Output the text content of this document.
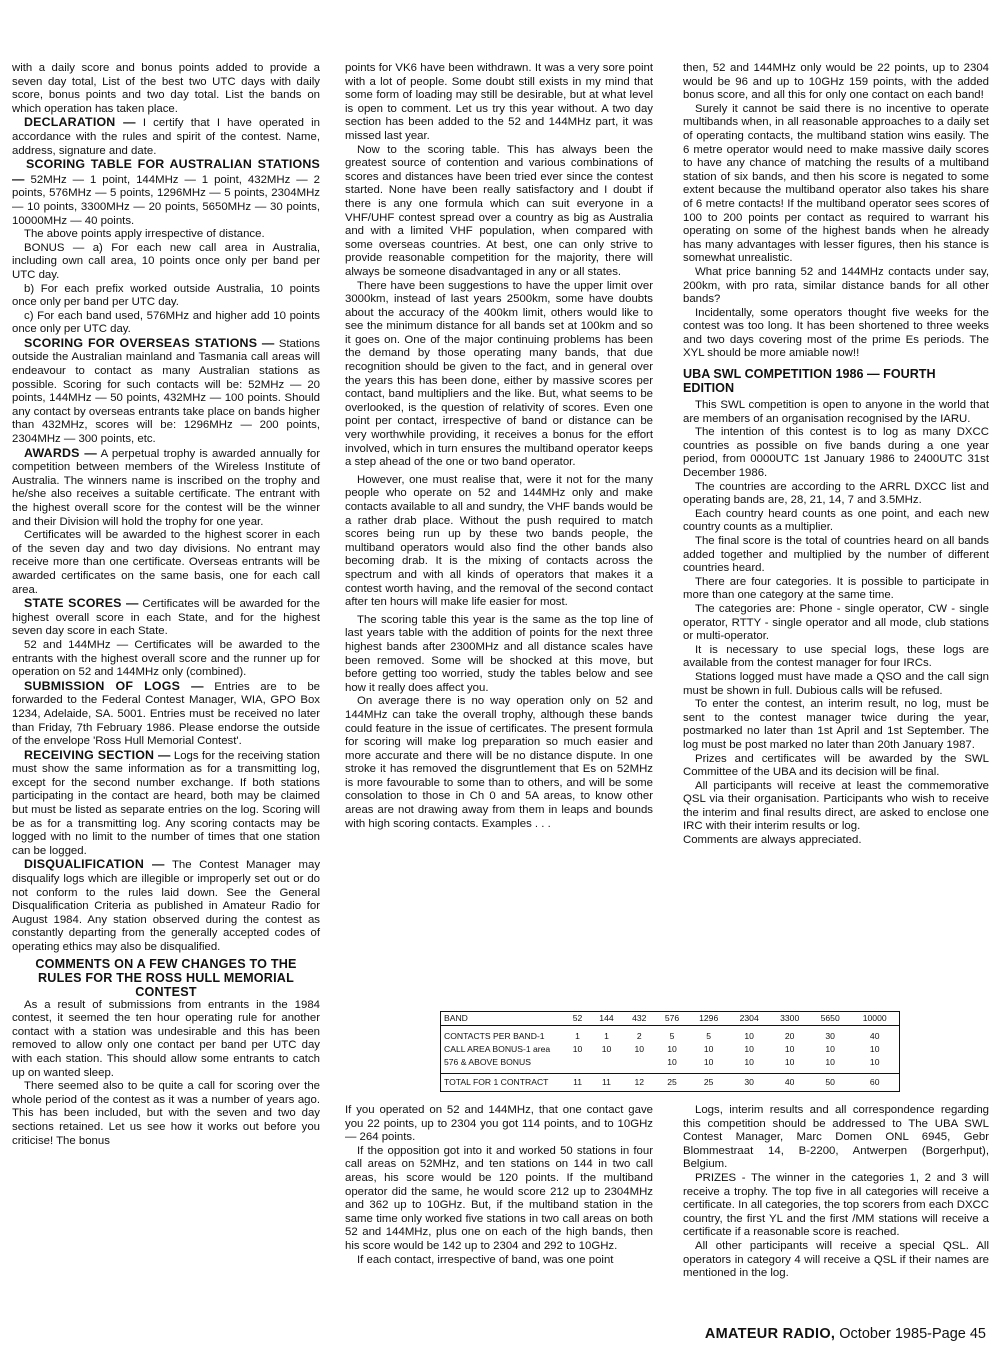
with a daily score and bonus points added to provide a seven day total, List of the best two UTC days with daily score, bonus points and two day total. List the bands on which operation has taken place.

DECLARATION — I certify that I have operated in accordance with the rules and spirit of the contest. Name, address, signature and date.

SCORING TABLE FOR AUSTRALIAN STATIONS — 52MHz — 1 point, 144MHz — 1 point, 432MHz — 2 points, 576MHz — 5 points, 1296MHz — 5 points, 2304MHz — 10 points, 3300MHz — 20 points, 5650MHz — 30 points, 10000MHz — 40 points.

The above points apply irrespective of distance.

BONUS — a) For each new call area in Australia, including own call area, 10 points once only per band per UTC day.

b) For each prefix worked outside Australia, 10 points once only per band per UTC day.

c) For each band used, 576MHz and higher add 10 points once only per UTC day.

SCORING FOR OVERSEAS STATIONS — Stations outside the Australian mainland and Tasmania call areas will endeavour to contact as many Australian stations as possible. Scoring for such contacts will be: 52MHz — 20 points, 144MHz — 50 points, 432MHz — 100 points. Should any contact by overseas entrants take place on bands higher than 432MHz, scores will be: 1296MHz — 200 points, 2304MHz — 300 points, etc.

AWARDS — A perpetual trophy is awarded annually for competition between members of the Wireless Institute of Australia. The winners name is inscribed on the trophy and he/she also receives a suitable certificate. The entrant with the highest overall score for the contest will be the winner and their Division will hold the trophy for one year.

Certificates will be awarded to the highest scorer in each of the seven day and two day divisions. No entrant may receive more than one certificate. Overseas entrants will be awarded certificates on the same basis, one for each call area.

STATE SCORES — Certificates will be awarded for the highest overall score in each State, and for the highest seven day score in each State.

52 and 144MHz — Certificates will be awarded to the entrants with the highest overall score and the runner up for operation on 52 and 144MHz only (combined).

SUBMISSION OF LOGS — Entries are to be forwarded to the Federal Contest Manager, WIA, GPO Box 1234, Adelaide, SA. 5001. Entries must be received no later than Friday, 7th February 1986. Please endorse the outside of the envelope 'Ross Hull Memorial Contest'.

RECEIVING SECTION — Logs for the receiving station must show the same information as for a transmitting log, except for the second number exchange. If both stations participating in the contact are heard, both may be claimed but must be listed as separate entries on the log. Scoring will be as for a transmitting log. Any scoring contacts may be logged with no limit to the number of times that one station can be logged.

DISQUALIFICATION — The Contest Manager may disqualify logs which are illegible or improperly set out or do not conform to the rules laid down. See the General Disqualification Criteria as published in Amateur Radio for August 1984. Any station observed during the contest as constantly departing from the generally accepted codes of operating ethics may also be disqualified.

COMMENTS ON A FEW CHANGES TO THE RULES FOR THE ROSS HULL MEMORIAL CONTEST

As a result of submissions from entrants in the 1984 contest, it seemed the ten hour operating rule for another contact with a station was undesirable and this has been removed to allow only one contact per band per UTC day with each station. This should allow some entrants to catch up on wanted sleep.

There seemed also to be quite a call for scoring over the whole period of the contest as it was a number of years ago. This has been included, but with the seven and two day sections retained. Let us see how it works out before you criticise! The bonus

points for VK6 have been withdrawn. It was a very sore point with a lot of people. Some doubt still exists in my mind that some form of loading may still be desirable, but at what level is open to comment. Let us try this year without. A two day section has been added to the 52 and 144MHz part, it was missed last year.

Now to the scoring table. This has always been the greatest source of contention and various combinations of scores and distances have been tried ever since the contest started. None have been really satisfactory and I doubt if there is any one formula which can suit everyone in a VHF/UHF contest spread over a country as big as Australia and with a limited VHF population, when compared with some overseas countries. At best, one can only strive to provide reasonable competition for the majority, there will always be someone disadvantaged in any or all states.

There have been suggestions to have the upper limit over 3000km, instead of last years 2500km, some have doubts about the accuracy of the 400km limit, others would like to see the minimum distance for all bands set at 100km and so it goes on. One of the major continuing problems has been the demand by those operating many bands, that due recognition should be given to the fact, and in general over the years this has been done, either by massive scores per contact, band multipliers and the like. But, what seems to be overlooked, is the question of relativity of scores. Even one point per contact, irrespective of band or distance can be very worthwhile providing, it receives a bonus for the effort involved, which in turn ensures the multiband operator keeps a step ahead of the one or two band operator.

However, one must realise that, were it not for the many people who operate on 52 and 144MHz only and make contacts available to all and sundry, the VHF bands would be a rather drab place. Without the push required to match scores being run up by these two bands people, the multiband operators would also find the other bands also becoming drab. It is the mixing of contacts across the spectrum and with all kinds of operators that makes it a contest worth having, and the removal of the second contact after ten hours will make life easier for most.

The scoring table this year is the same as the top line of last years table with the addition of points for the next three highest bands after 2300MHz and all distance scales have been removed. Some will be shocked at this move, but before getting too worried, study the tables below and see how it really does affect you.

On average there is no way operation only on 52 and 144MHz can take the overall trophy, although these bands could feature in the issue of certificates. The present formula for scoring will make log preparation so much easier and more accurate and there will be no distance dispute. In one stroke it has removed the disgruntlement that Es on 52MHz is more favourable to some than to others, and will be some consolation to those in Ch 0 and 5A areas, to know other areas are not drawing away from them in leaps and bounds with high scoring contacts. Examples . . .

then, 52 and 144MHz only would be 22 points, up to 2304 would be 96 and up to 10GHz 159 points, with the added bonus score, and all this for only one contact on each band!

Surely it cannot be said there is no incentive to operate multibands when, in all reasonable approaches to a daily set of operating contacts, the multiband station wins easily. The 6 metre operator would need to make massive daily scores to have any chance of matching the results of a multiband station of six bands, and then his score is negated to some extent because the multiband operator also takes his share of 6 metre contacts! If the multiband operator sees scores of 100 to 200 points per contact as required to warrant his operating on some of the highest bands when he already has many advantages with lesser figures, then his stance is somewhat unrealistic.

What price banning 52 and 144MHz contacts under say, 200km, with pro rata, similar distance bands for all other bands?

Incidentally, some operators thought five weeks for the contest was too long. It has been shortened to three weeks and two days covering most of the prime Es periods. The XYL should be more amiable now!!

UBA SWL COMPETITION 1986 — FOURTH EDITION

This SWL competition is open to anyone in the world that are members of an organisation recognised by the IARU.

The intention of this contest is to log as many DXCC countries as possible on five bands during a one year period, from 0000UTC 1st January 1986 to 2400UTC 31st December 1986.

The countries are according to the ARRL DXCC list and operating bands are, 28, 21, 14, 7 and 3.5MHz.

Each country heard counts as one point, and each new country counts as a multiplier.

The final score is the total of countries heard on all bands added together and multiplied by the number of different countries heard.

There are four categories. It is possible to participate in more than one category at the same time.

The categories are: Phone - single operator, CW - single operator, RTTY - single operator and all mode, club stations or multi-operator.

It is necessary to use special logs, these logs are available from the contest manager for four IRCs.

Stations logged must have made a QSO and the call sign must be shown in full. Dubious calls will be refused.

To enter the contest, an interim result, no log, must be sent to the contest manager twice during the year, postmarked no later than 1st April and 1st September. The log must be post marked no later than 20th January 1987.

Prizes and certificates will be awarded by the SWL Committee of the UBA and its decision will be final.

All participants will receive at least the commemorative QSL via their organisation. Participants who wish to receive the interim and final results direct, are asked to enclose one IRC with their interim results or log.

Comments are always appreciated.

BAND	52	144	432	576	1296	2304	3300	5650	10000
CONTACTS PER BAND-1	1	1	2	5	5	10	20	30	40
CALL AREA BONUS-1 area	10	10	10	10	10	10	10	10	10
576 & ABOVE BONUS				10	10	10	10	10	10
TOTAL FOR 1 CONTRACT	11	11	12	25	25	30	40	50	60

If you operated on 52 and 144MHz, that one contact gave you 22 points, up to 2304 you got 114 points, and to 10GHz — 264 points.

If the opposition got into it and worked 50 stations in four call areas on 52MHz, and ten stations on 144 in two call areas, his score would be 120 points. If the multiband operator did the same, he would score 212 up to 2304MHz and 362 up to 10GHz. But, if the multiband station in the same time only worked five stations in two call areas on both 52 and 144MHz, plus one on each of the high bands, then his score would be 142 up to 2304 and 292 to 10GHz.

If each contact, irrespective of band, was one point

Logs, interim results and all correspondence regarding this competition should be addressed to The UBA SWL Contest Manager, Marc Domen ONL 6945, Gebr Blommestraat 14, B-2200, Antwerpen (Borgerhput), Belgium.

PRIZES - The winner in the categories 1, 2 and 3 will receive a trophy. The top five in all categories will receive a certificate. In all categories, the top scorers from each DXCC country, the first YL and the first /MM stations will receive a certificate if a reasonable score is reached.

All other participants will receive a special QSL. All operators in category 4 will receive a QSL if their names are mentioned in the log.

AMATEUR RADIO, October 1985-Page 45
